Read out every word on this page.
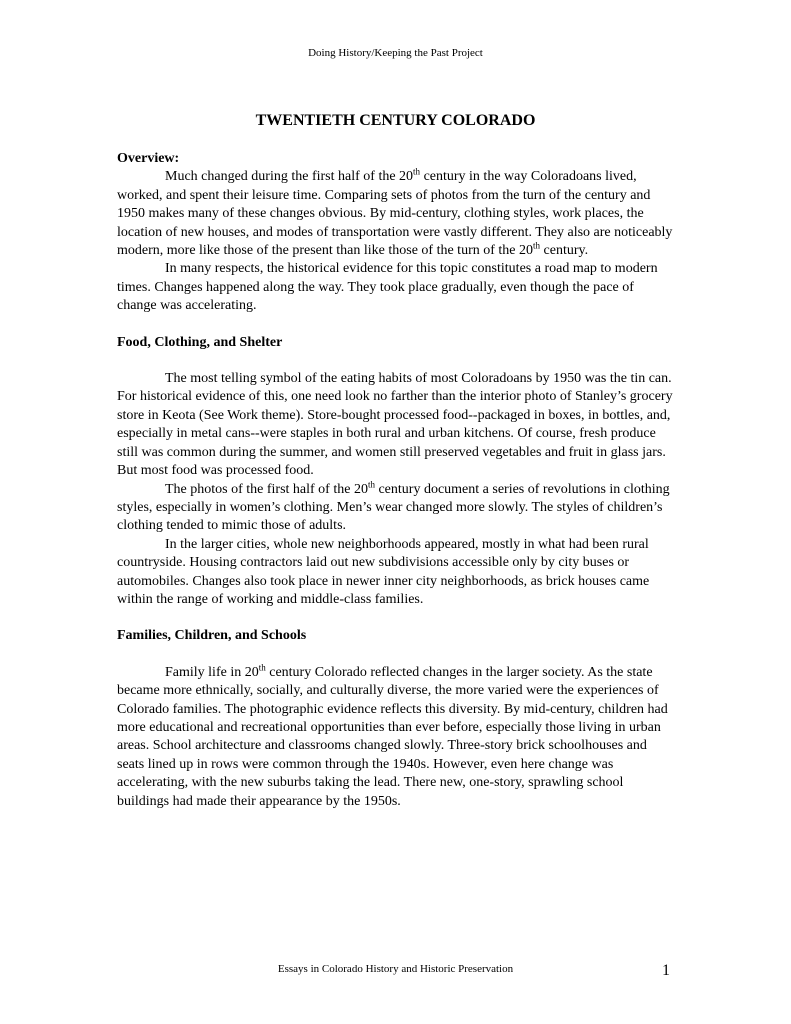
Doing History/Keeping the Past Project
TWENTIETH CENTURY COLORADO
Overview:

Much changed during the first half of the 20th century in the way Coloradoans lived, worked, and spent their leisure time. Comparing sets of photos from the turn of the century and 1950 makes many of these changes obvious. By mid-century, clothing styles, work places, the location of new houses, and modes of transportation were vastly different. They also are noticeably modern, more like those of the present than like those of the turn of the 20th century.

In many respects, the historical evidence for this topic constitutes a road map to modern times. Changes happened along the way. They took place gradually, even though the pace of change was accelerating.

Food, Clothing, and Shelter

The most telling symbol of the eating habits of most Coloradoans by 1950 was the tin can. For historical evidence of this, one need look no farther than the interior photo of Stanley’s grocery store in Keota (See Work theme). Store-bought processed food--packaged in boxes, in bottles, and, especially in metal cans--were staples in both rural and urban kitchens. Of course, fresh produce still was common during the summer, and women still preserved vegetables and fruit in glass jars. But most food was processed food.

The photos of the first half of the 20th century document a series of revolutions in clothing styles, especially in women’s clothing. Men’s wear changed more slowly. The styles of children’s clothing tended to mimic those of adults.

In the larger cities, whole new neighborhoods appeared, mostly in what had been rural countryside. Housing contractors laid out new subdivisions accessible only by city buses or automobiles. Changes also took place in newer inner city neighborhoods, as brick houses came within the range of working and middle-class families.

Families, Children, and Schools

Family life in 20th century Colorado reflected changes in the larger society. As the state became more ethnically, socially, and culturally diverse, the more varied were the experiences of Colorado families. The photographic evidence reflects this diversity. By mid-century, children had more educational and recreational opportunities than ever before, especially those living in urban areas. School architecture and classrooms changed slowly. Three-story brick schoolhouses and seats lined up in rows were common through the 1940s. However, even here change was accelerating, with the new suburbs taking the lead. There new, one-story, sprawling school buildings had made their appearance by the 1950s.

Essays in Colorado History and Historic Preservation	1
